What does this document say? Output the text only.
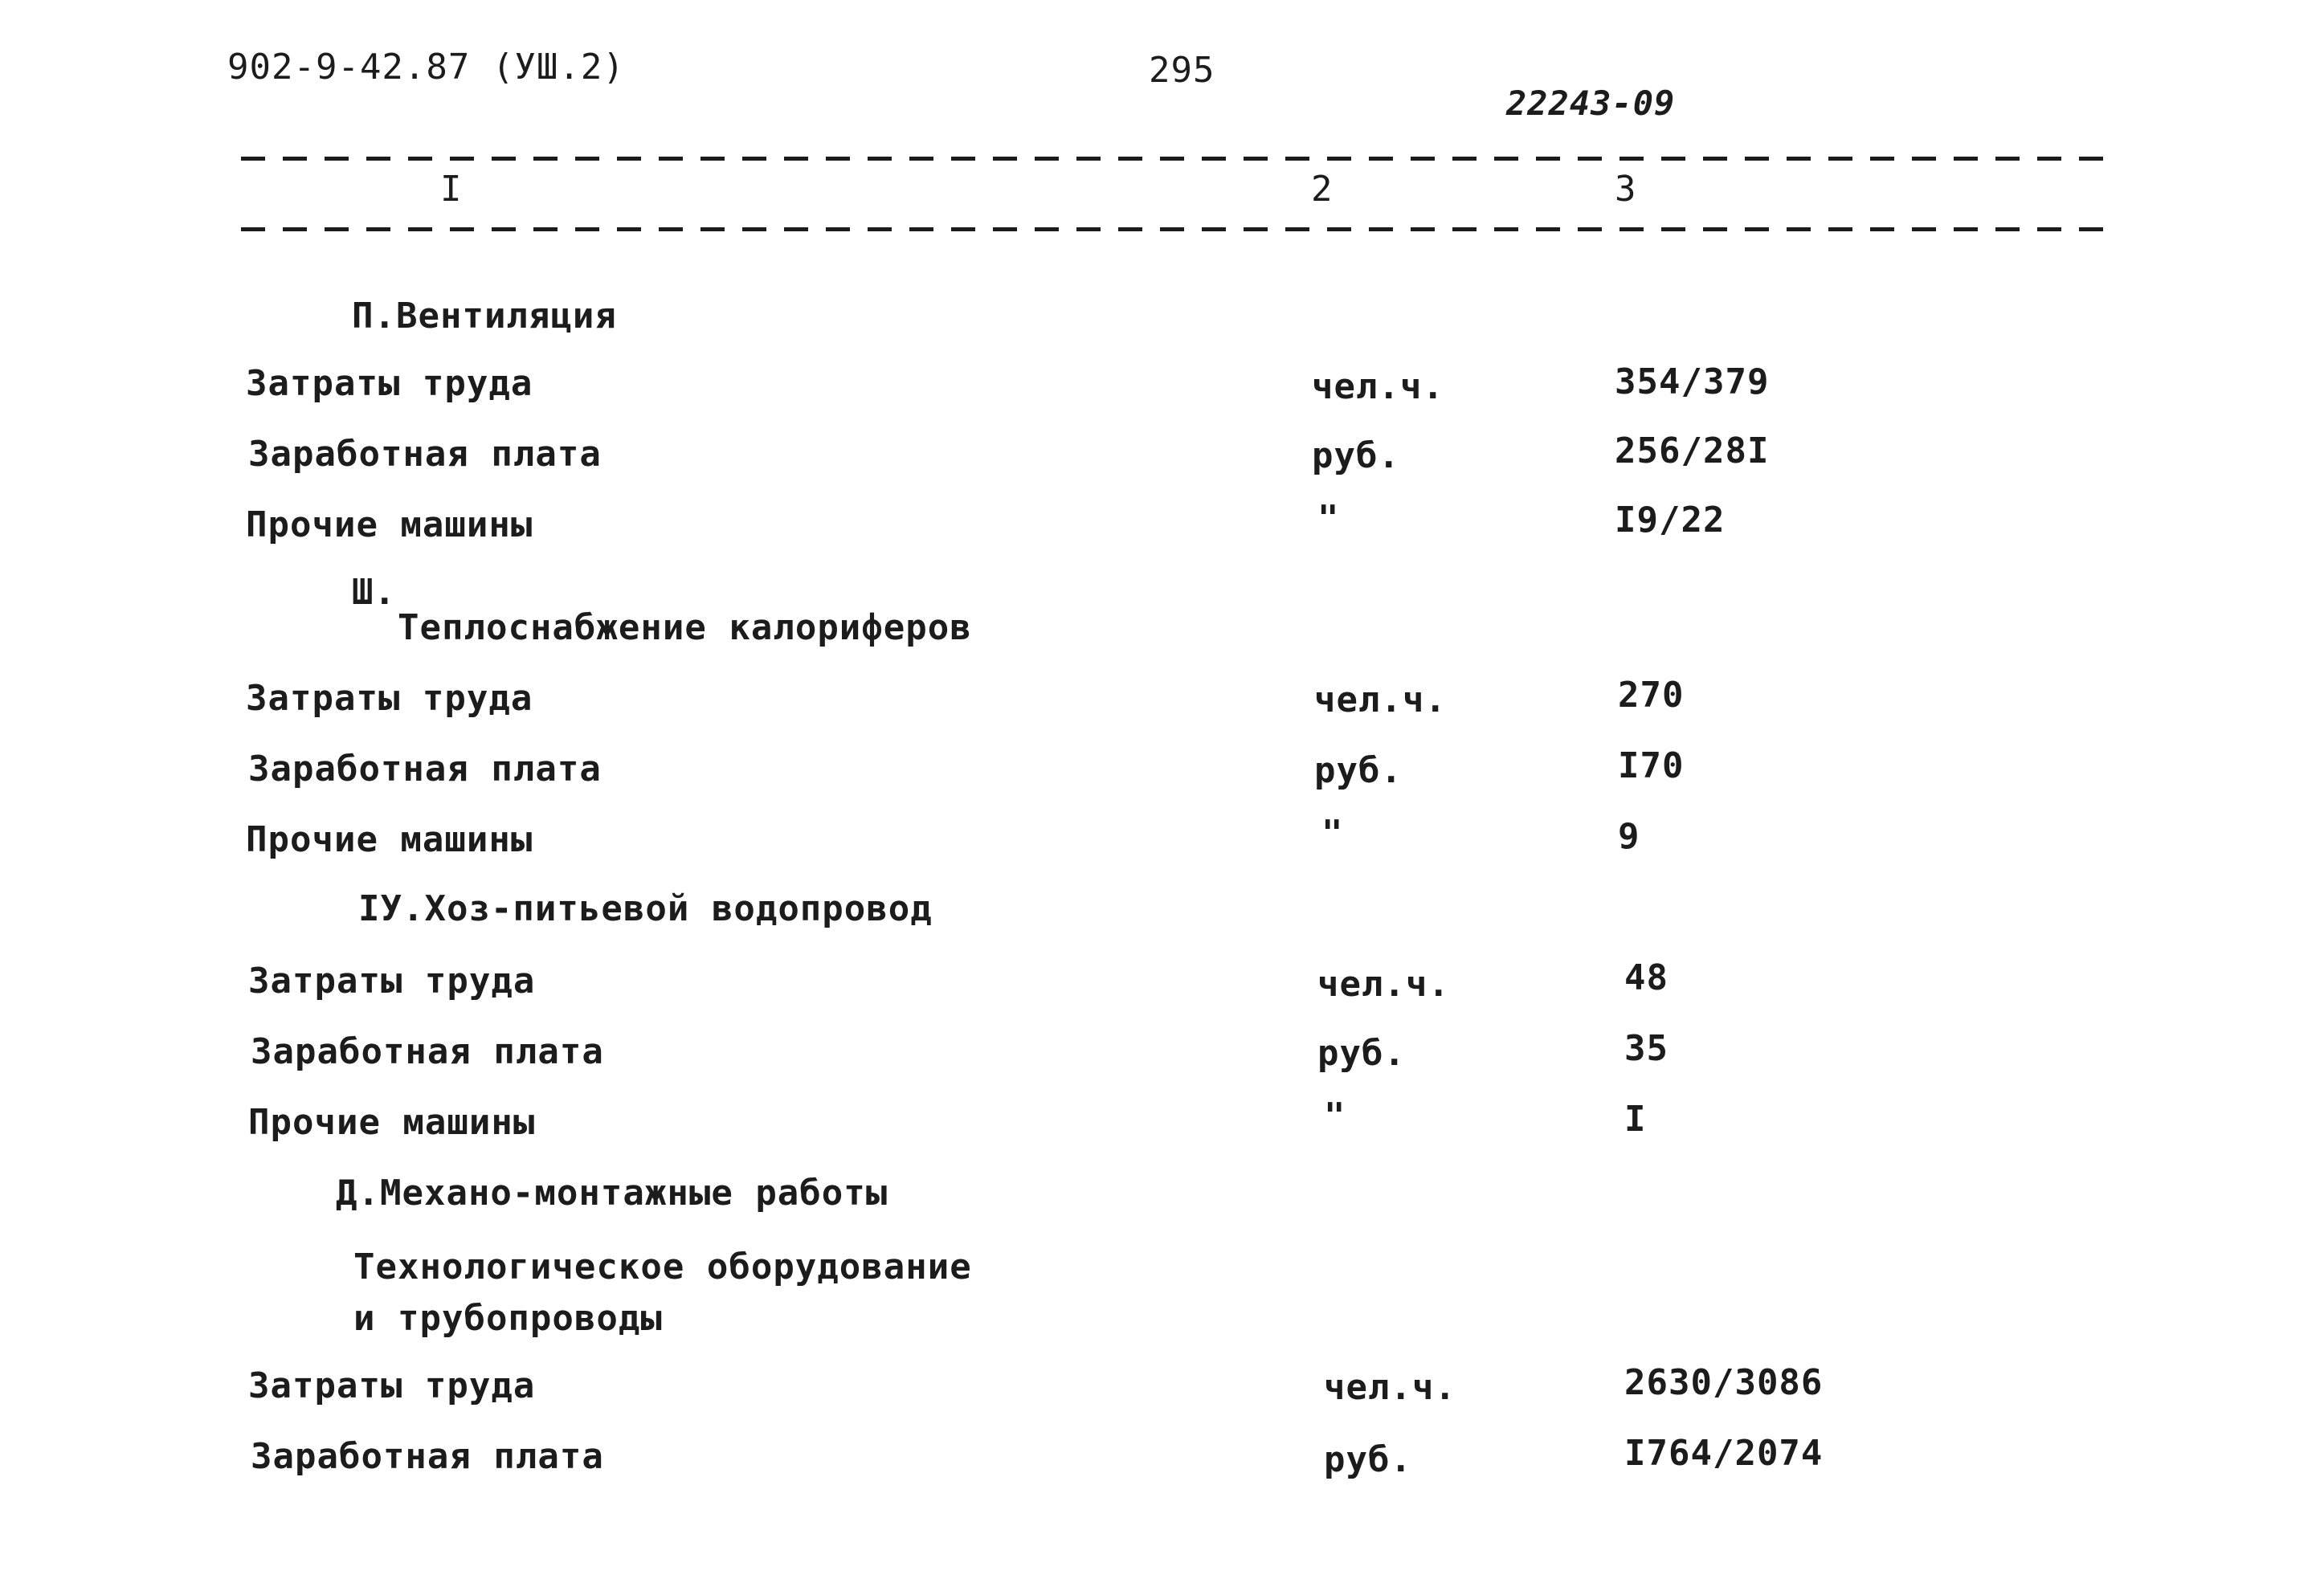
902-9-42.87 (УШ.2)	295
22243-09
I	2	3
П.Вентиляция
Затраты труда	чел.ч.	354/379
Заработная плата	руб.	256/28I
Прочие машины	"	I9/22
Ш.
Теплоснабжение калориферов
Затраты труда	чел.ч.	270
Заработная плата	руб.	I70
Прочие машины	"	9
IУ.Хоз-питьевой водопровод
Затраты труда	чел.ч.	48
Заработная плата	руб.	35
Прочие машины	"	I
Д.Механо-монтажные работы
Технологическое оборудование
и трубопроводы
Затраты труда	чел.ч.	2630/3086
Заработная плата	руб.	I764/2074
